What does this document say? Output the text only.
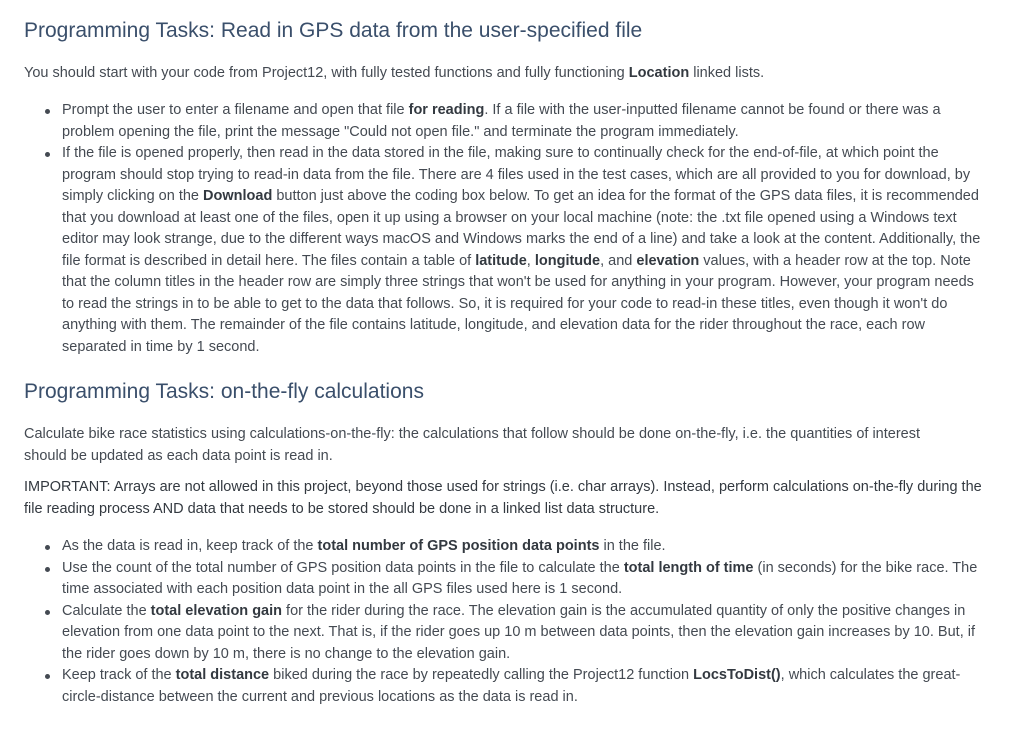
Programming Tasks: Read in GPS data from the user-specified file

You should start with your code from Project12, with fully tested functions and fully functioning Location linked lists.

Prompt the user to enter a filename and open that file for reading. If a file with the user-inputted filename cannot be found or there was a problem opening the file, print the message "Could not open file." and terminate the program immediately.
If the file is opened properly, then read in the data stored in the file, making sure to continually check for the end-of-file, at which point the program should stop trying to read-in data from the file. There are 4 files used in the test cases, which are all provided to you for download, by simply clicking on the Download button just above the coding box below. To get an idea for the format of the GPS data files, it is recommended that you download at least one of the files, open it up using a browser on your local machine (note: the .txt file opened using a Windows text editor may look strange, due to the different ways macOS and Windows marks the end of a line) and take a look at the content. Additionally, the file format is described in detail here. The files contain a table of latitude, longitude, and elevation values, with a header row at the top. Note that the column titles in the header row are simply three strings that won't be used for anything in your program. However, your program needs to read the strings in to be able to get to the data that follows. So, it is required for your code to read-in these titles, even though it won't do anything with them. The remainder of the file contains latitude, longitude, and elevation data for the rider throughout the race, each row separated in time by 1 second.
Programming Tasks: on-the-fly calculations

Calculate bike race statistics using calculations-on-the-fly: the calculations that follow should be done on-the-fly, i.e. the quantities of interest should be updated as each data point is read in.

IMPORTANT: Arrays are not allowed in this project, beyond those used for strings (i.e. char arrays). Instead, perform calculations on-the-fly during the file reading process AND data that needs to be stored should be done in a linked list data structure.

As the data is read in, keep track of the total number of GPS position data points in the file.
Use the count of the total number of GPS position data points in the file to calculate the total length of time (in seconds) for the bike race. The time associated with each position data point in the all GPS files used here is 1 second.
Calculate the total elevation gain for the rider during the race. The elevation gain is the accumulated quantity of only the positive changes in elevation from one data point to the next. That is, if the rider goes up 10 m between data points, then the elevation gain increases by 10. But, if the rider goes down by 10 m, there is no change to the elevation gain.
Keep track of the total distance biked during the race by repeatedly calling the Project12 function LocsToDist(), which calculates the great-circle-distance between the current and previous locations as the data is read in.
